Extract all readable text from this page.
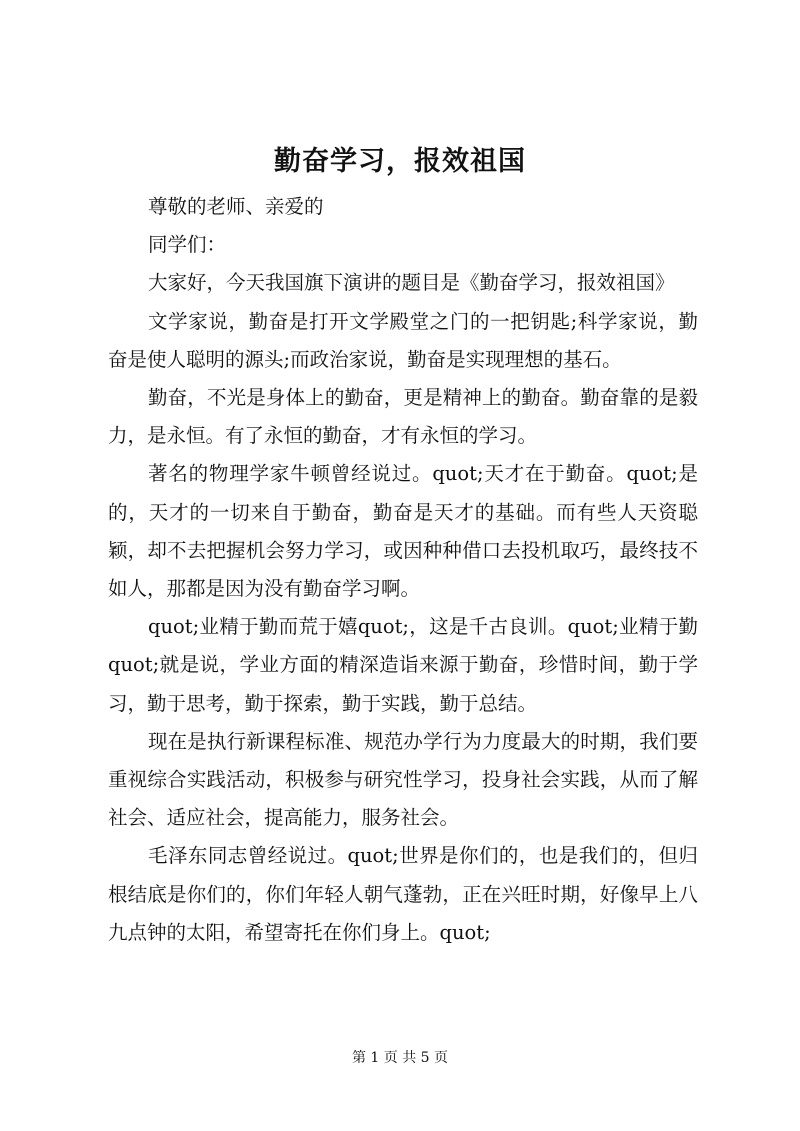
勤奋学习，报效祖国

尊敬的老师、亲爱的

同学们：

大家好，今天我国旗下演讲的题目是《勤奋学习，报效祖国》

文学家说，勤奋是打开文学殿堂之门的一把钥匙;科学家说，勤奋是使人聪明的源头;而政治家说，勤奋是实现理想的基石。

勤奋，不光是身体上的勤奋，更是精神上的勤奋。勤奋靠的是毅力，是永恒。有了永恒的勤奋，才有永恒的学习。

著名的物理学家牛顿曾经说过。quot;天才在于勤奋。quot;是的，天才的一切来自于勤奋，勤奋是天才的基础。而有些人天资聪颖，却不去把握机会努力学习，或因种种借口去投机取巧，最终技不如人，那都是因为没有勤奋学习啊。

quot;业精于勤而荒于嬉quot;，这是千古良训。quot;业精于勤quot;就是说，学业方面的精深造诣来源于勤奋，珍惜时间，勤于学习，勤于思考，勤于探索，勤于实践，勤于总结。

现在是执行新课程标准、规范办学行为力度最大的时期，我们要重视综合实践活动，积极参与研究性学习，投身社会实践，从而了解社会、适应社会，提高能力，服务社会。

毛泽东同志曾经说过。quot;世界是你们的，也是我们的，但归根结底是你们的，你们年轻人朝气蓬勃，正在兴旺时期，好像早上八九点钟的太阳，希望寄托在你们身上。quot;

第 1 页 共 5 页
